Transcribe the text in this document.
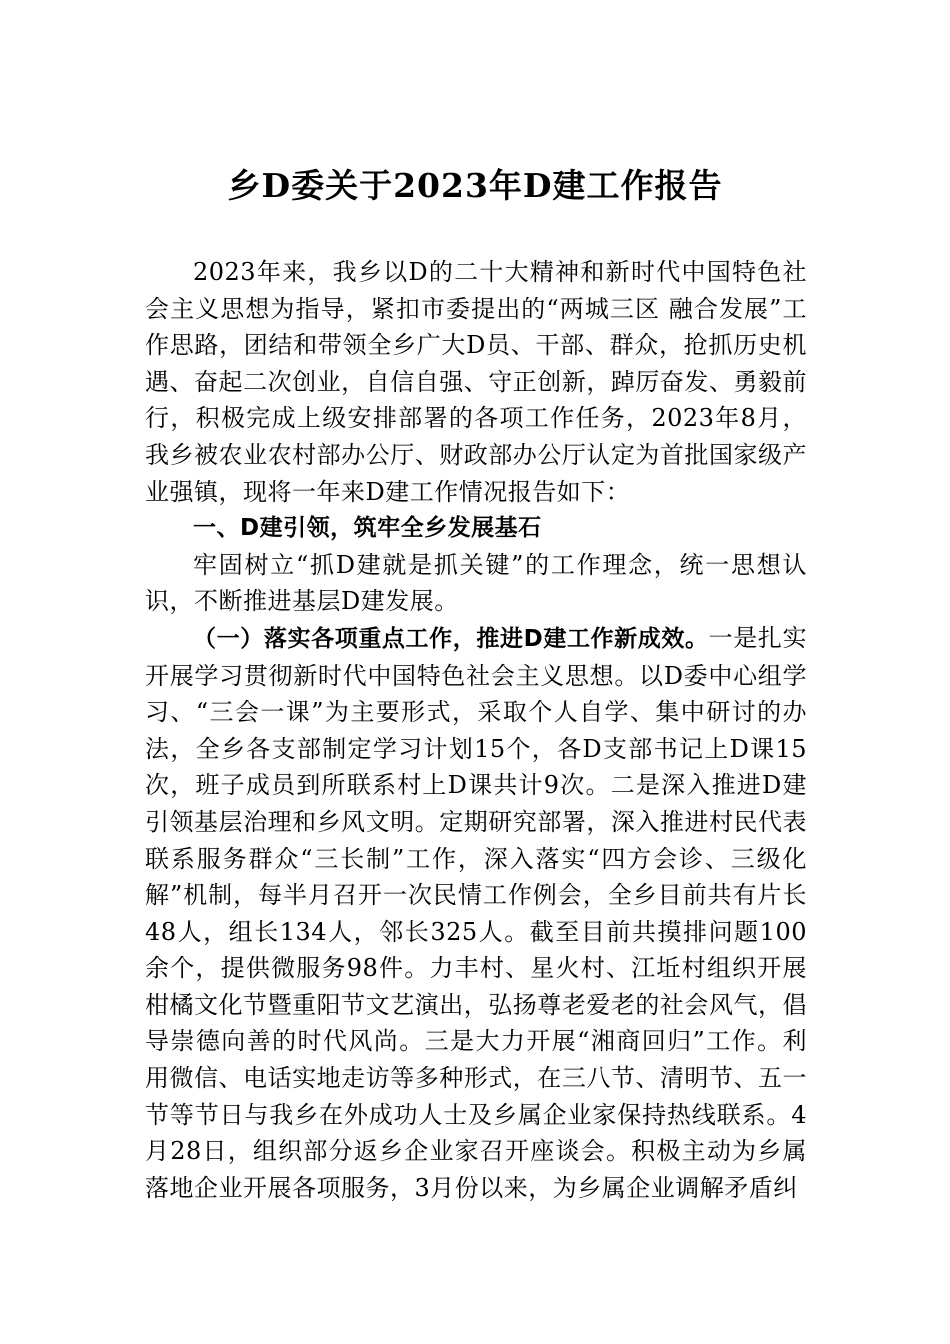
乡D委关于2023年D建工作报告

2023年来，我乡以D的二十大精神和新时代中国特色社会主义思想为指导，紧扣市委提出的“两城三区 融合发展”工作思路，团结和带领全乡广大D员、干部、群众，抢抓历史机遇、奋起二次创业，自信自强、守正创新，踔厉奋发、勇毅前行，积极完成上级安排部署的各项工作任务，2023年8月，我乡被农业农村部办公厅、财政部办公厅认定为首批国家级产业强镇，现将一年来D建工作情况报告如下：

一、D建引领，筑牢全乡发展基石

牢固树立“抓D建就是抓关键”的工作理念，统一思想认识，不断推进基层D建发展。

（一）落实各项重点工作，推进D建工作新成效。一是扎实开展学习贯彻新时代中国特色社会主义思想。以D委中心组学习、“三会一课”为主要形式，采取个人自学、集中研讨的办法，全乡各支部制定学习计划15个，各D支部书记上D课15次，班子成员到所联系村上D课共计9次。二是深入推进D建引领基层治理和乡风文明。定期研究部署，深入推进村民代表联系服务群众“三长制”工作，深入落实“四方会诊、三级化解”机制，每半月召开一次民情工作例会，全乡目前共有片长48人，组长134人，邻长325人。截至目前共摸排问题100余个，提供微服务98件。力丰村、星火村、江坵村组织开展柑橘文化节暨重阳节文艺演出，弘扬尊老爱老的社会风气，倡导崇德向善的时代风尚。三是大力开展“湘商回归”工作。利用微信、电话实地走访等多种形式，在三八节、清明节、五一节等节日与我乡在外成功人士及乡属企业家保持热线联系。4月28日，组织部分返乡企业家召开座谈会。积极主动为乡属落地企业开展各项服务，3月份以来，为乡属企业调解矛盾纠
